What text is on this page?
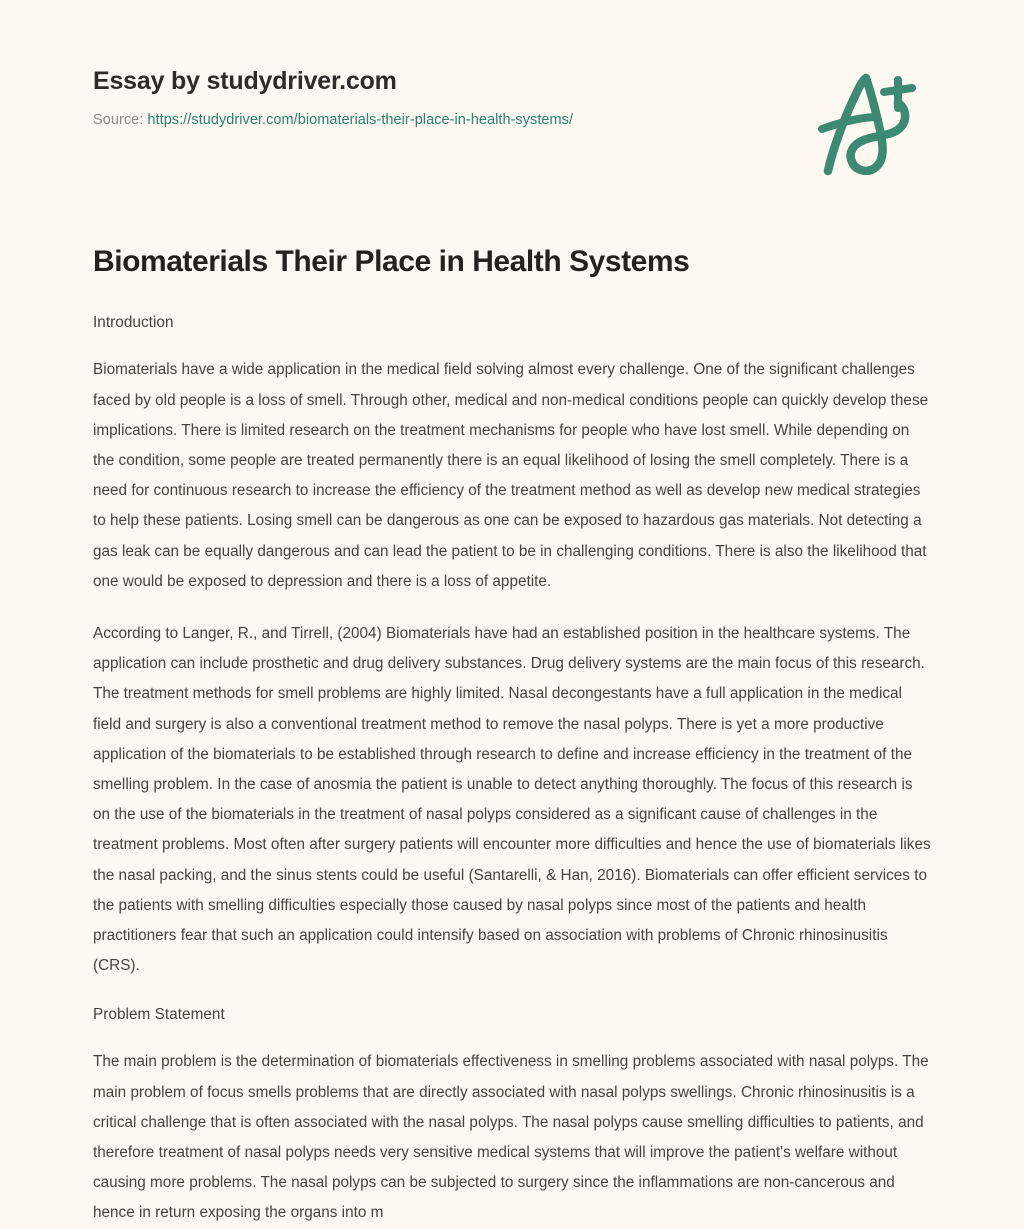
Essay by studydriver.com
Source: https://studydriver.com/biomaterials-their-place-in-health-systems/
Biomaterials Their Place in Health Systems
Introduction

Biomaterials have a wide application in the medical field solving almost every challenge. One of the significant challenges faced by old people is a loss of smell. Through other, medical and non-medical conditions people can quickly develop these implications. There is limited research on the treatment mechanisms for people who have lost smell. While depending on the condition, some people are treated permanently there is an equal likelihood of losing the smell completely. There is a need for continuous research to increase the efficiency of the treatment method as well as develop new medical strategies to help these patients. Losing smell can be dangerous as one can be exposed to hazardous gas materials. Not detecting a gas leak can be equally dangerous and can lead the patient to be in challenging conditions. There is also the likelihood that one would be exposed to depression and there is a loss of appetite.

According to Langer, R., and Tirrell, (2004) Biomaterials have had an established position in the healthcare systems. The application can include prosthetic and drug delivery substances. Drug delivery systems are the main focus of this research. The treatment methods for smell problems are highly limited. Nasal decongestants have a full application in the medical field and surgery is also a conventional treatment method to remove the nasal polyps. There is yet a more productive application of the biomaterials to be established through research to define and increase efficiency in the treatment of the smelling problem. In the case of anosmia the patient is unable to detect anything thoroughly. The focus of this research is on the use of the biomaterials in the treatment of nasal polyps considered as a significant cause of challenges in the treatment problems. Most often after surgery patients will encounter more difficulties and hence the use of biomaterials likes the nasal packing, and the sinus stents could be useful (Santarelli, & Han, 2016). Biomaterials can offer efficient services to the patients with smelling difficulties especially those caused by nasal polyps since most of the patients and health practitioners fear that such an application could intensify based on association with problems of Chronic rhinosinusitis (CRS).

Problem Statement

The main problem is the determination of biomaterials effectiveness in smelling problems associated with nasal polyps. The main problem of focus smells problems that are directly associated with nasal polyps swellings. Chronic rhinosinusitis is a critical challenge that is often associated with the nasal polyps. The nasal polyps cause smelling difficulties to patients, and therefore treatment of nasal polyps needs very sensitive medical systems that will improve the patient's welfare without causing more problems. The nasal polyps can be subjected to surgery since the inflammations are non-cancerous and hence in return exposing the organs into m
